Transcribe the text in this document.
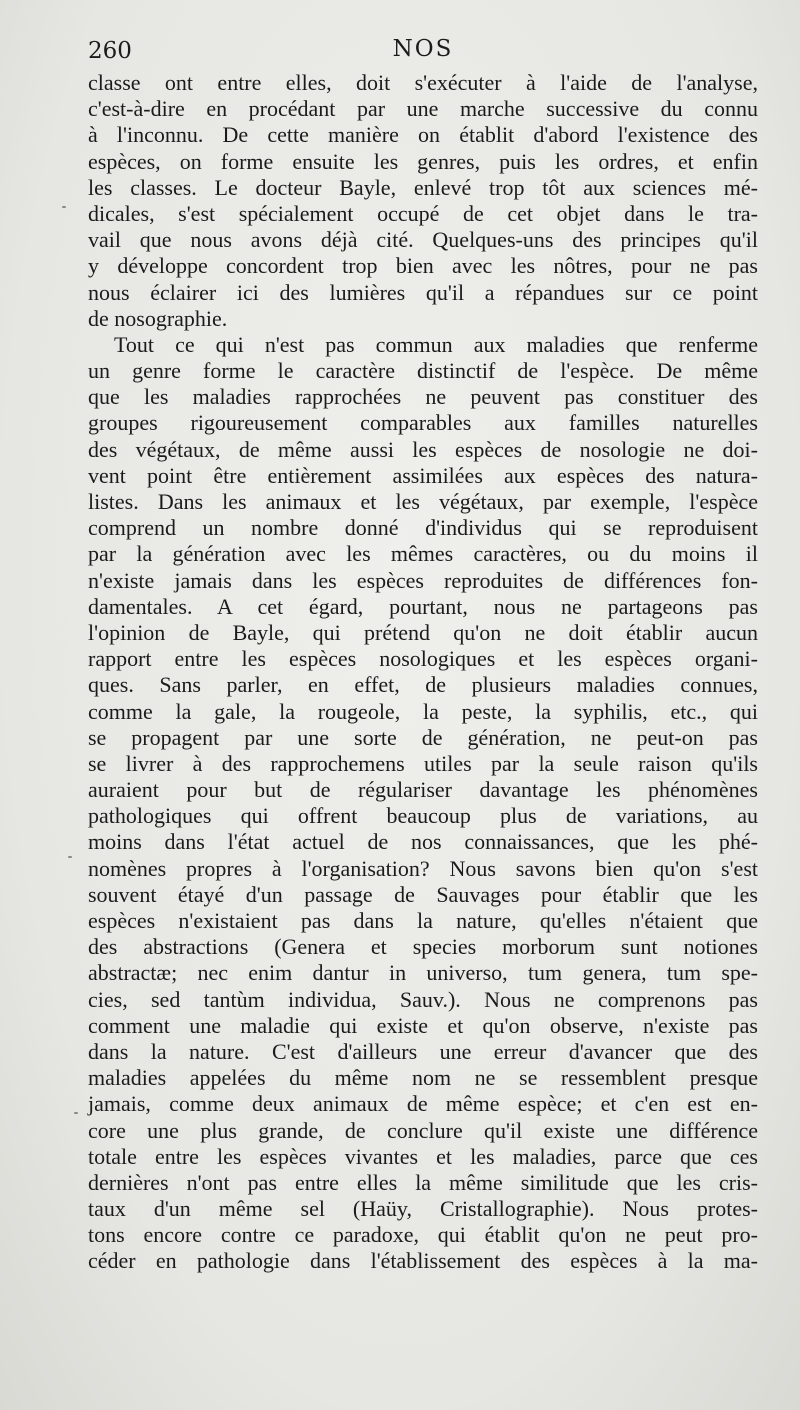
260	NOS
classe ont entre elles, doit s'exécuter à l'aide de l'analyse,
c'est-à-dire en procédant par une marche successive du connu
à l'inconnu. De cette manière on établit d'abord l'existence des
espèces, on forme ensuite les genres, puis les ordres, et enfin
les classes. Le docteur Bayle, enlevé trop tôt aux sciences mé-
dicales, s'est spécialement occupé de cet objet dans le tra-
vail que nous avons déjà cité. Quelques-uns des principes qu'il
y développe concordent trop bien avec les nôtres, pour ne pas
nous éclairer ici des lumières qu'il a répandues sur ce point
de nosographie.
Tout ce qui n'est pas commun aux maladies que renferme
un genre forme le caractère distinctif de l'espèce. De même
que les maladies rapprochées ne peuvent pas constituer des
groupes rigoureusement comparables aux familles naturelles
des végétaux, de même aussi les espèces de nosologie ne doi-
vent point être entièrement assimilées aux espèces des natura-
listes. Dans les animaux et les végétaux, par exemple, l'espèce
comprend un nombre donné d'individus qui se reproduisent
par la génération avec les mêmes caractères, ou du moins il
n'existe jamais dans les espèces reproduites de différences fon-
damentales. A cet égard, pourtant, nous ne partageons pas
l'opinion de Bayle, qui prétend qu'on ne doit établir aucun
rapport entre les espèces nosologiques et les espèces organi-
ques. Sans parler, en effet, de plusieurs maladies connues,
comme la gale, la rougeole, la peste, la syphilis, etc., qui
se propagent par une sorte de génération, ne peut-on pas
se livrer à des rapprochemens utiles par la seule raison qu'ils
auraient pour but de régulariser davantage les phénomènes
pathologiques qui offrent beaucoup plus de variations, au
moins dans l'état actuel de nos connaissances, que les phé-
nomènes propres à l'organisation? Nous savons bien qu'on s'est
souvent étayé d'un passage de Sauvages pour établir que les
espèces n'existaient pas dans la nature, qu'elles n'étaient que
des abstractions (Genera et species morborum sunt notiones
abstractæ; nec enim dantur in universo, tum genera, tum spe-
cies, sed tantùm individua, Sauv.). Nous ne comprenons pas
comment une maladie qui existe et qu'on observe, n'existe pas
dans la nature. C'est d'ailleurs une erreur d'avancer que des
maladies appelées du même nom ne se ressemblent presque
jamais, comme deux animaux de même espèce; et c'en est en-
core une plus grande, de conclure qu'il existe une différence
totale entre les espèces vivantes et les maladies, parce que ces
dernières n'ont pas entre elles la même similitude que les cris-
taux d'un même sel (Haüy, Cristallographie). Nous protes-
tons encore contre ce paradoxe, qui établit qu'on ne peut pro-
céder en pathologie dans l'établissement des espèces à la ma-
